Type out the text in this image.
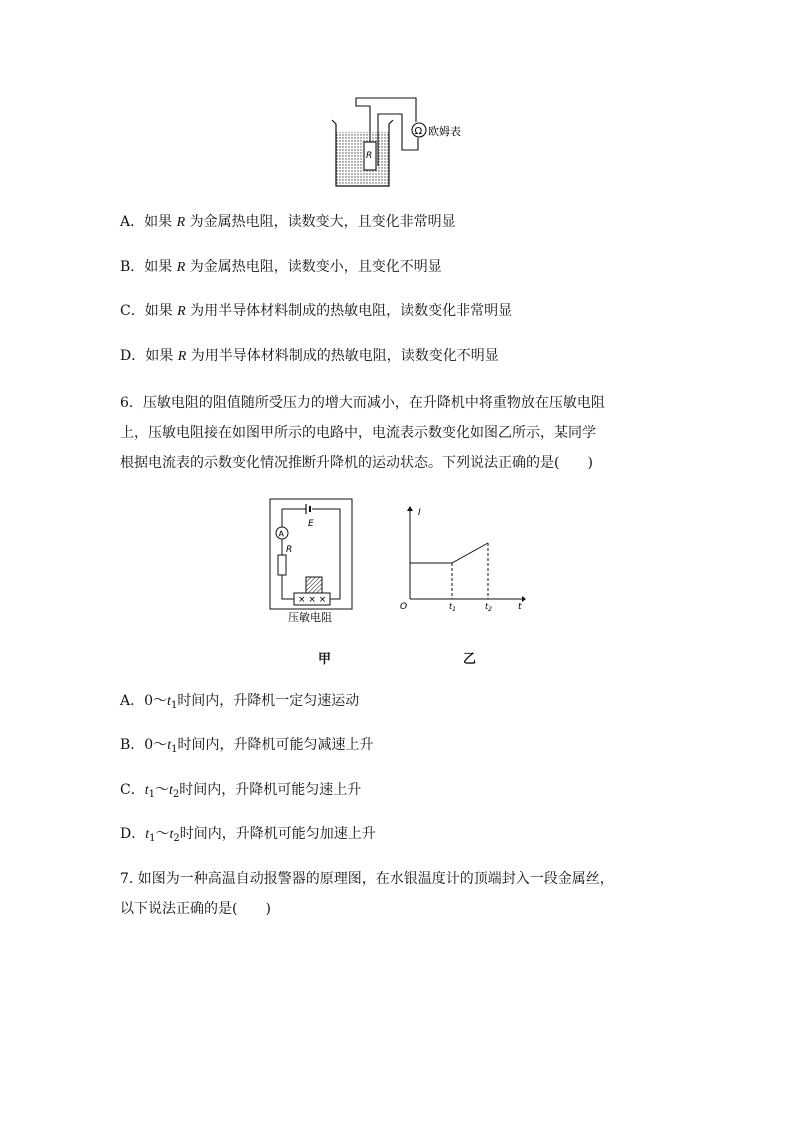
R
Ω 欧姆表
A．如果 R 为金属热电阻，读数变大，且变化非常明显
B．如果 R 为金属热电阻，读数变小，且变化不明显
C．如果 R 为用半导体材料制成的热敏电阻，读数变化非常明显
D．如果 R 为用半导体材料制成的热敏电阻，读数变化不明显
6．压敏电阻的阻值随所受压力的增大而减小，在升降机中将重物放在压敏电阻
上，压敏电阻接在如图甲所示的电路中，电流表示数变化如图乙所示，某同学
根据电流表的示数变化情况推断升降机的运动状态。下列说法正确的是(　　)
E
A
R
× × ×
压敏电阻
I
t
O	$t_1$	$t_2$
甲	乙
A．$0\sim t_1$时间内，升降机一定匀速运动
B．$0\sim t_1$时间内，升降机可能匀减速上升
C．$t_1\sim t_2$时间内，升降机可能匀速上升
D．$t_1\sim t_2$时间内，升降机可能匀加速上升
7. 如图为一种高温自动报警器的原理图，在水银温度计的顶端封入一段金属丝，
以下说法正确的是(　　)
